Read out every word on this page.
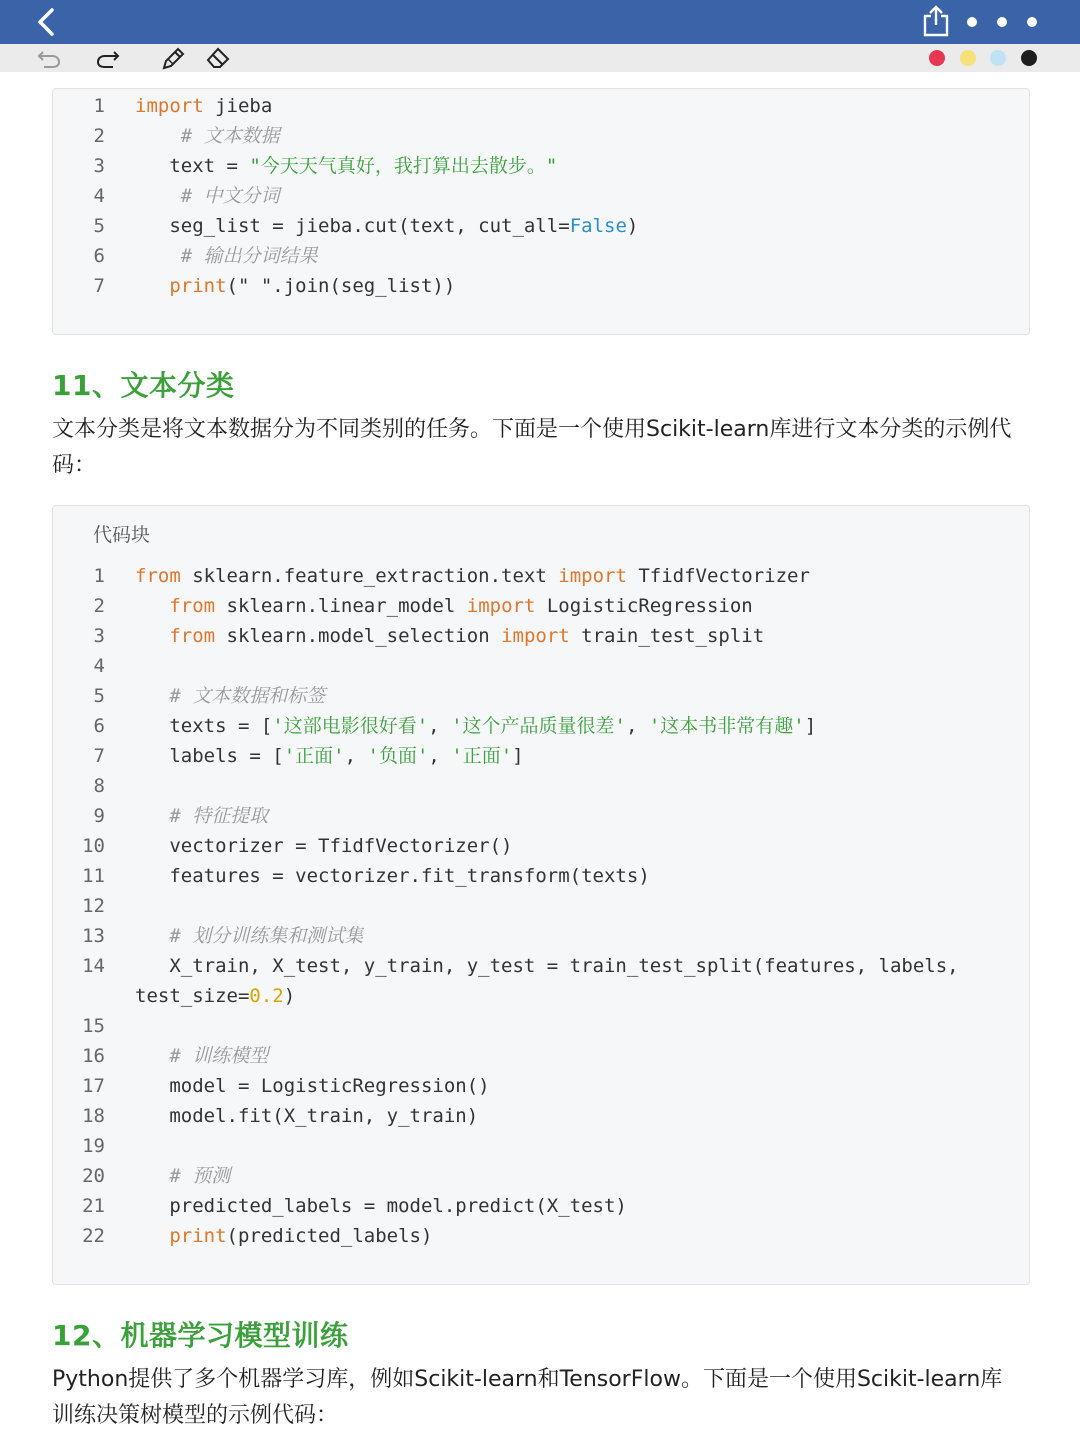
1 import jieba
2	# 文本数据
3 text = "今天天气真好，我打算出去散步。"
4	# 中文分词
5 seg_list = jieba.cut(text, cut_all=False)
6	# 输出分词结果
7	print(" ".join(seg_list))
11、文本分类

文本分类是将文本数据分为不同类别的任务。下面是一个使用Scikit-learn库进行文本分类的示例代码：

代码块
1 from sklearn.feature_extraction.text import TfidfVectorizer
2	from sklearn.linear_model import LogisticRegression
3	from sklearn.model_selection import train_test_split
4
5	# 文本数据和标签
6 texts = ['这部电影很好看', '这个产品质量很差', '这本书非常有趣']
7 labels = ['正面', '负面', '正面']
8
9	# 特征提取
10 vectorizer = TfidfVectorizer()
11 features = vectorizer.fit_transform(texts)
12
13	# 划分训练集和测试集
14 X_train, X_test, y_train, y_test = train_test_split(features, labels,
test_size=0.2)
15
16	# 训练模型
17 model = LogisticRegression()
18 model.fit(X_train, y_train)
19
20	# 预测
21 predicted_labels = model.predict(X_test)
22	print(predicted_labels)
12、机器学习模型训练

Python提供了多个机器学习库，例如Scikit-learn和TensorFlow。下面是一个使用Scikit-learn库训练决策树模型的示例代码：
